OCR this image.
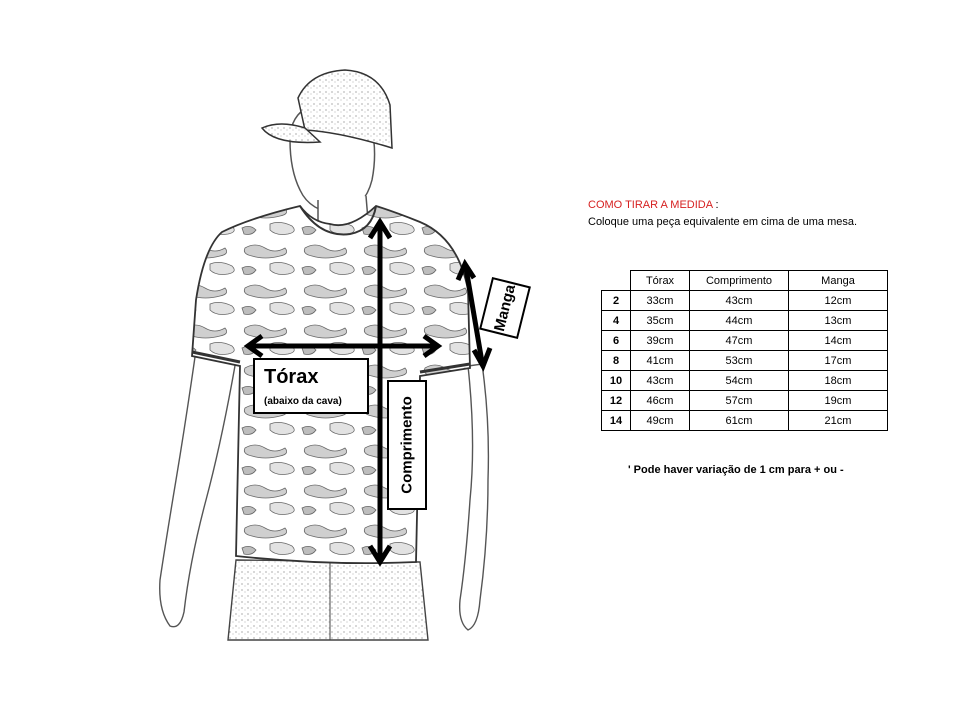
Tórax
(abaixo da cava)	Comprimento
Manga
COMO TIRAR A MEDIDA :
Coloque uma peça equivalente em cima de uma mesa.
	Tórax	Comprimento	Manga
2	33cm	43cm	12cm
4	35cm	44cm	13cm
6	39cm	47cm	14cm
8	41cm	53cm	17cm
10	43cm	54cm	18cm
12	46cm	57cm	19cm
14	49cm	61cm	21cm
' Pode haver variação de 1 cm para + ou -
